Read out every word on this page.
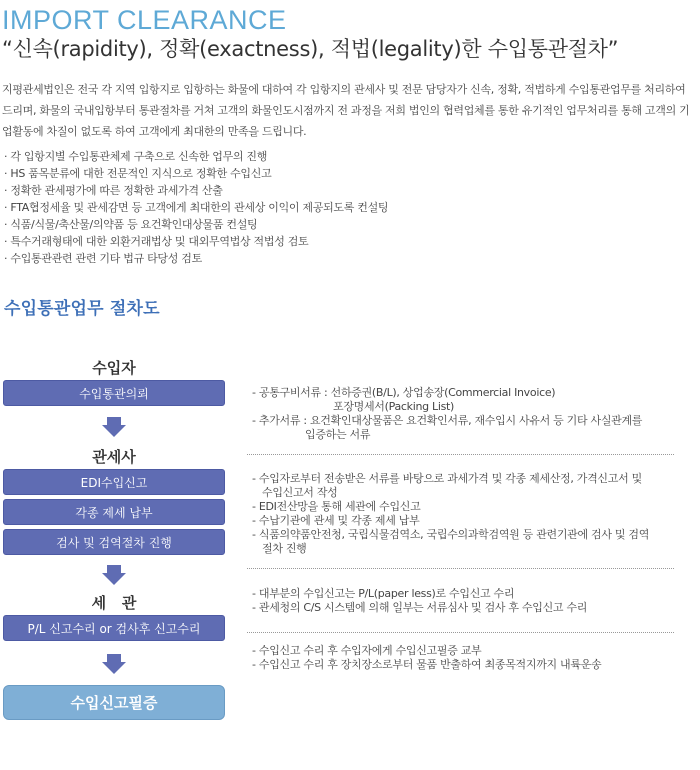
IMPORT CLEARANCE
“신속(rapidity), 정확(exactness), 적법(legality)한 수입통관절차”

지평관세법인은 전국 각 지역 입항지로 입항하는 화물에 대하여 각 입항지의 관세사 및 전문 담당자가 신속, 정확, 적법하게 수입통관업무를 처리하여 드리며, 화물의 국내입항부터 통관절차를 거쳐 고객의 화물인도시점까지 전 과정을 저희 법인의 협력업체를 통한 유기적인 업무처리를 통해 고객의 기업활동에 차질이 없도록 하여 고객에게 최대한의 만족을 드립니다.

· 각 입항지별 수입통관체제 구축으로 신속한 업무의 진행
· HS 품목분류에 대한 전문적인 지식으로 정확한 수입신고
· 정확한 관세평가에 따른 정확한 과세가격 산출
· FTA협정세율 및 관세감면 등 고객에게 최대한의 관세상 이익이 제공되도록 컨설팅
· 식품/식물/축산물/의약품 등 요건확인대상물품 컨설팅
· 특수거래형태에 대한 외환거래법상 및 대외무역법상 적법성 검토
· 수입통관관련 관련 기타 법규 타당성 검토
수입통관업무 절차도
수입자
수입통관의뢰
관세사
EDI수입신고
각종 제세 납부
검사 및 검역절차 진행
세   관
P/L 신고수리 or 검사후 신고수리
수입신고필증
- 공통구비서류 : 선하증권(B/L), 상업송장(Commercial Invoice)
포장명세서(Packing List)
- 추가서류 : 요건확인대상물품은 요건확인서류, 재수입시 사유서 등 기타 사실관계를
입증하는 서류
- 수입자로부터 전송받은 서류를 바탕으로 과세가격 및 각종 제세산정, 가격신고서 및
수입신고서 작성
- EDI전산망을 통해 세관에 수입신고
- 수납기관에 관세 및 각종 제세 납부
- 식품의약품안전청, 국립식물검역소, 국립수의과학검역원 등 관련기관에 검사 및 검역
절차 진행
- 대부분의 수입신고는 P/L(paper less)로 수입신고 수리
- 관세청의 C/S 시스템에 의해 일부는 서류심사 및 검사 후 수입신고 수리
- 수입신고 수리 후 수입자에게 수입신고필증 교부
- 수입신고 수리 후 장치장소로부터 물품 반출하여 최종목적지까지 내륙운송
